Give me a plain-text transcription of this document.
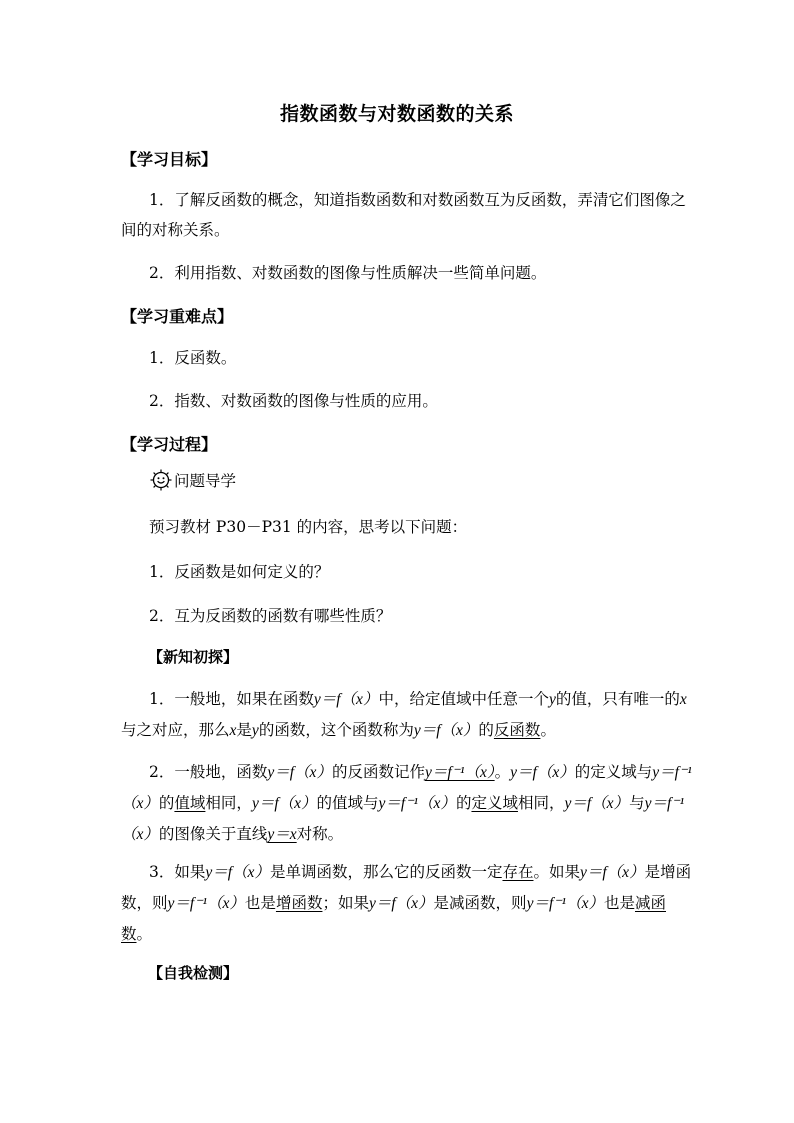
指数函数与对数函数的关系
【学习目标】
1．了解反函数的概念，知道指数函数和对数函数互为反函数，弄清它们图像之间的对称关系。
2．利用指数、对数函数的图像与性质解决一些简单问题。
【学习重难点】
1．反函数。
2．指数、对数函数的图像与性质的应用。
【学习过程】
问题导学
预习教材 P30－P31 的内容，思考以下问题：
1．反函数是如何定义的？
2．互为反函数的函数有哪些性质？
【新知初探】
1．一般地，如果在函数y＝f（x）中，给定值域中任意一个y的值，只有唯一的x与之对应，那么x是y的函数，这个函数称为y＝f（x）的反函数。
2．一般地，函数y＝f（x）的反函数记作y＝f⁻¹（x）。y＝f（x）的定义域与y＝f⁻¹（x）的值域相同，y＝f（x）的值域与y＝f⁻¹（x）的定义域相同，y＝f（x）与y＝f⁻¹（x）的图像关于直线y＝x对称。
3．如果y＝f（x）是单调函数，那么它的反函数一定存在。如果y＝f（x）是增函数，则y＝f⁻¹（x）也是增函数；如果y＝f（x）是减函数，则y＝f⁻¹（x）也是减函数。
【自我检测】
